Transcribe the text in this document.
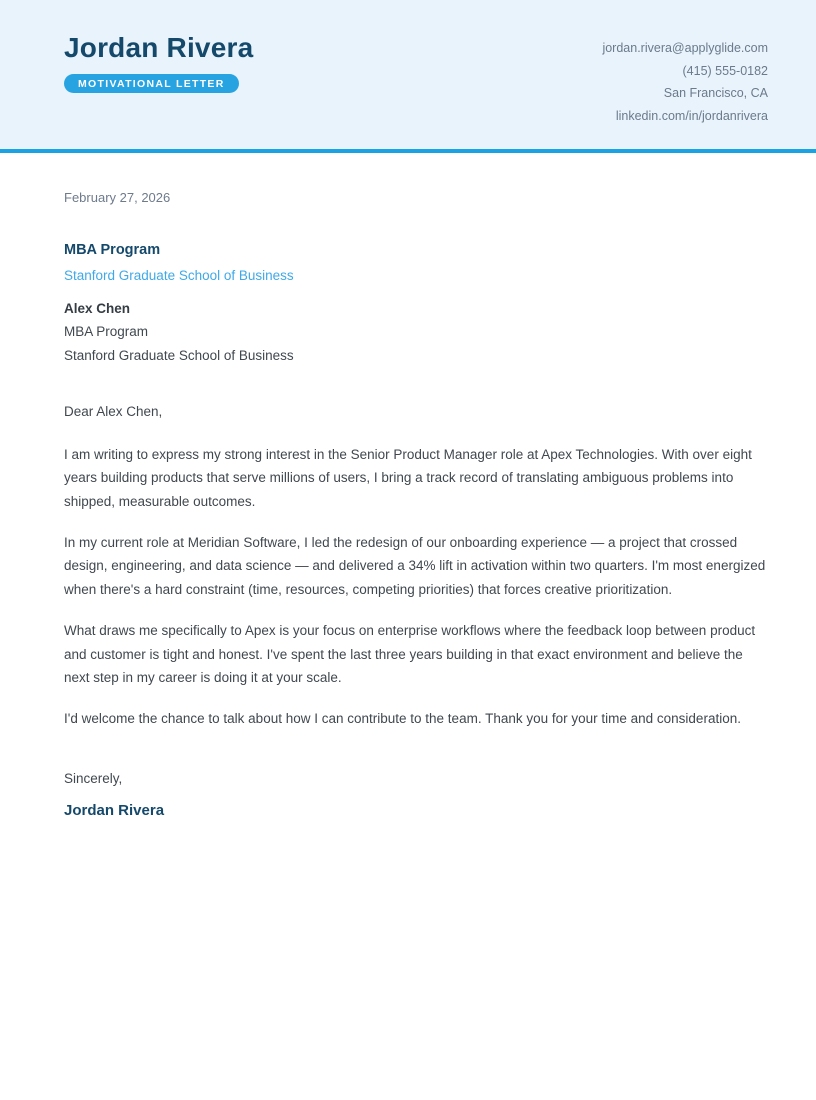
Jordan Rivera
MOTIVATIONAL LETTER
jordan.rivera@applyglide.com
(415) 555-0182
San Francisco, CA
linkedin.com/in/jordanrivera

February 27, 2026

MBA Program
Stanford Graduate School of Business

Alex Chen

MBA Program

Stanford Graduate School of Business

Dear Alex Chen,

I am writing to express my strong interest in the Senior Product Manager role at Apex Technologies. With over eight years building products that serve millions of users, I bring a track record of translating ambiguous problems into shipped, measurable outcomes.

In my current role at Meridian Software, I led the redesign of our onboarding experience — a project that crossed design, engineering, and data science — and delivered a 34% lift in activation within two quarters. I'm most energized when there's a hard constraint (time, resources, competing priorities) that forces creative prioritization.

What draws me specifically to Apex is your focus on enterprise workflows where the feedback loop between product and customer is tight and honest. I've spent the last three years building in that exact environment and believe the next step in my career is doing it at your scale.

I'd welcome the chance to talk about how I can contribute to the team. Thank you for your time and consideration.

Sincerely,

Jordan Rivera
